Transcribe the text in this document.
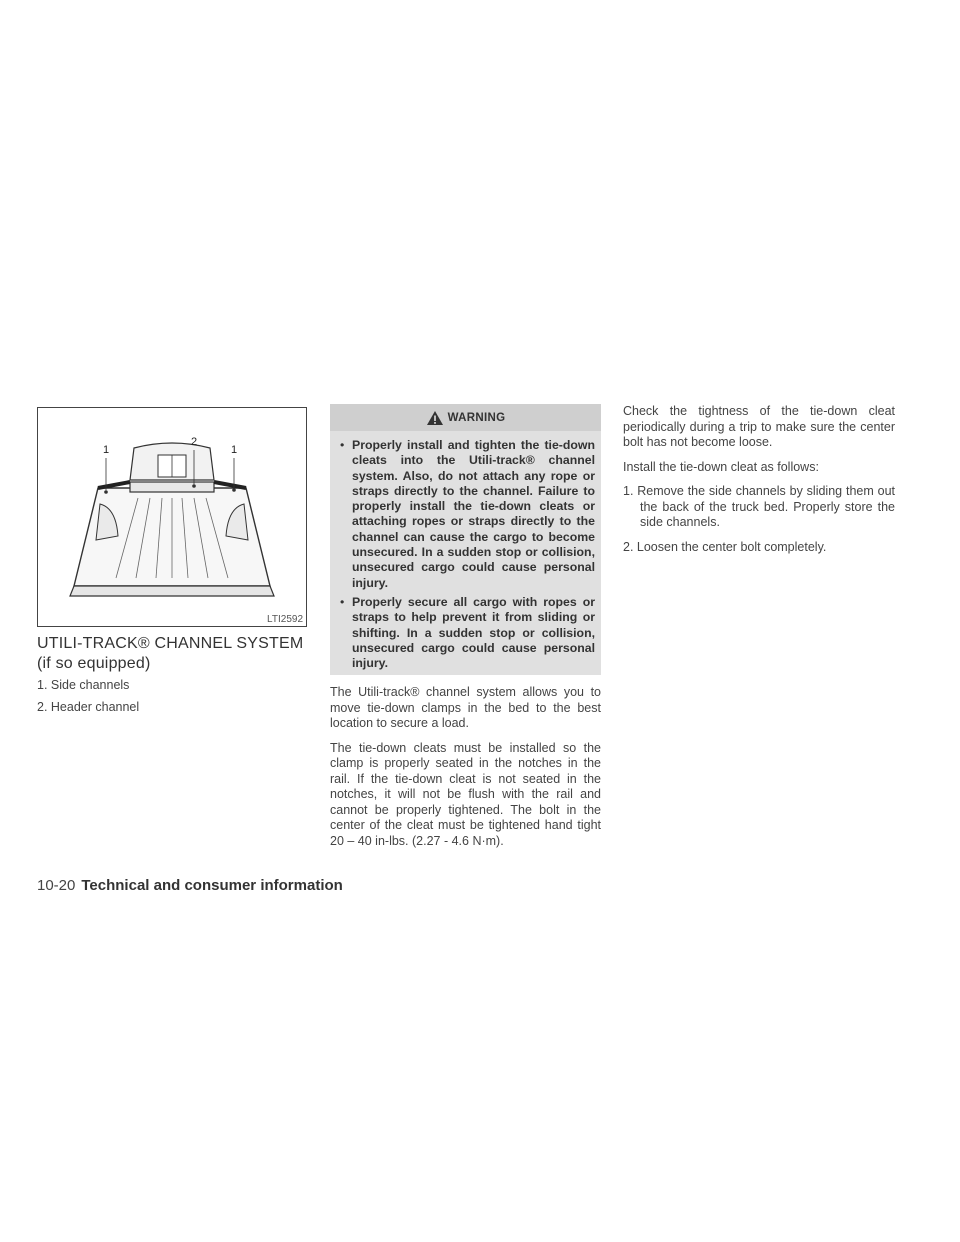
1
2
1
LTI2592
UTILI-TRACK® CHANNEL SYSTEM (if so equipped)
1. Side channels
2. Header channel
WARNING
• Properly install and tighten the tie-down cleats into the Utili-track® channel system. Also, do not attach any rope or straps directly to the channel. Failure to properly install the tie-down cleats or attaching ropes or straps directly to the channel can cause the cargo to become unsecured. In a sudden stop or collision, unsecured cargo could cause personal injury.
• Properly secure all cargo with ropes or straps to help prevent it from sliding or shifting. In a sudden stop or collision, unsecured cargo could cause personal injury.

The Utili-track® channel system allows you to move tie-down clamps in the bed to the best location to secure a load.

The tie-down cleats must be installed so the clamp is properly seated in the notches in the rail. If the tie-down cleat is not seated in the notches, it will not be flush with the rail and cannot be properly tightened. The bolt in the center of the cleat must be tightened hand tight 20 – 40 in-lbs. (2.27 - 4.6 N·m).

Check the tightness of the tie-down cleat periodically during a trip to make sure the center bolt has not become loose.

Install the tie-down cleat as follows:

1. Remove the side channels by sliding them out the back of the truck bed. Properly store the side channels.

2. Loosen the center bolt completely.

10-20 Technical and consumer information
